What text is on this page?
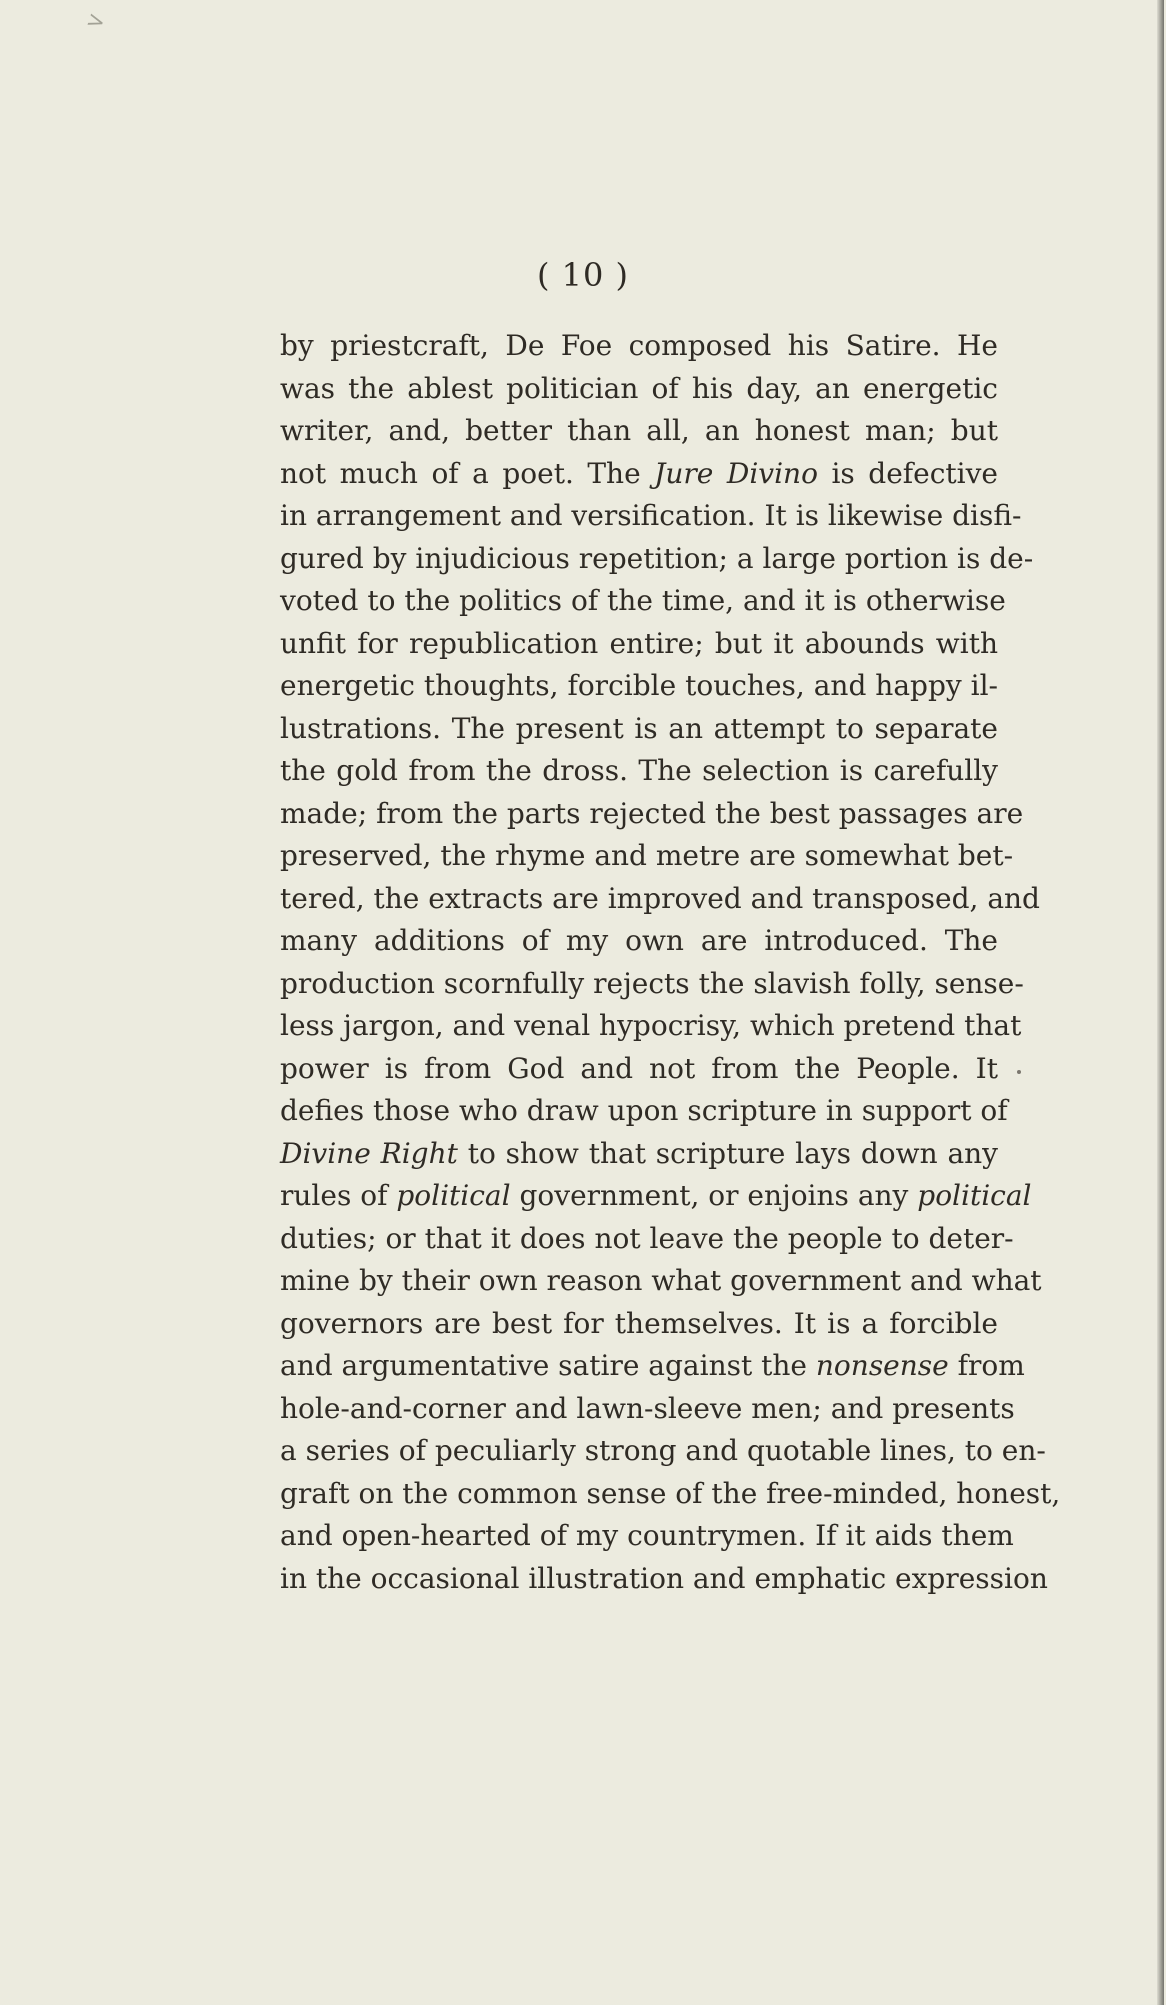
>
( 10 )
by priestcraft, De Foe composed his Satire. He
was the ablest politician of his day, an energetic
writer, and, better than all, an honest man; but
not much of a poet. The Jure Divino is defective
in arrangement and versification. It is likewise disfi-
gured by injudicious repetition; a large portion is de-
voted to the politics of the time, and it is otherwise
unfit for republication entire; but it abounds with
energetic thoughts, forcible touches, and happy il-
lustrations. The present is an attempt to separate
the gold from the dross. The selection is carefully
made; from the parts rejected the best passages are
preserved, the rhyme and metre are somewhat bet-
tered, the extracts are improved and transposed, and
many additions of my own are introduced. The
production scornfully rejects the slavish folly, sense-
less jargon, and venal hypocrisy, which pretend that
power is from God and not from the People. It
defies those who draw upon scripture in support of
Divine Right to show that scripture lays down any
rules of political government, or enjoins any political
duties; or that it does not leave the people to deter-
mine by their own reason what government and what
governors are best for themselves. It is a forcible
and argumentative satire against the nonsense from
hole-and-corner and lawn-sleeve men; and presents
a series of peculiarly strong and quotable lines, to en-
graft on the common sense of the free-minded, honest,
and open-hearted of my countrymen. If it aids them
in the occasional illustration and emphatic expression
